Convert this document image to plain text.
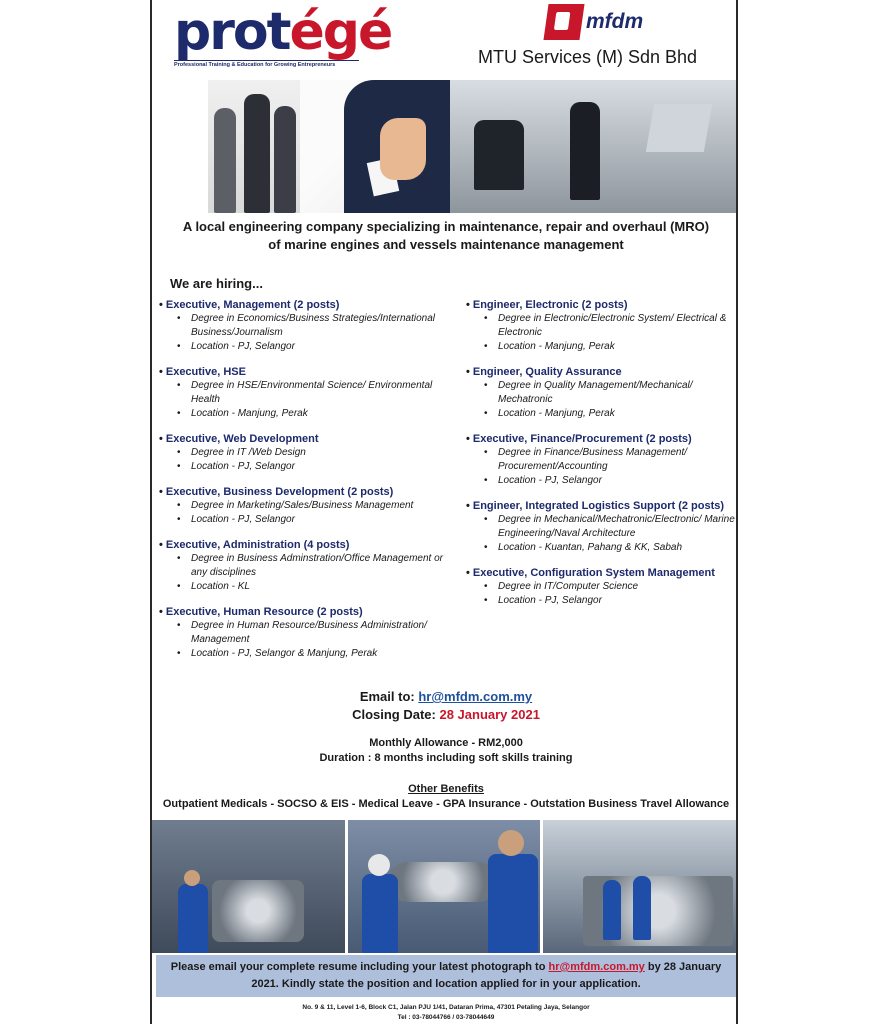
protégé
Professional Training & Education for Growing Entrepreneurs
mfdm
MTU Services (M) Sdn Bhd
A local engineering company specializing in maintenance, repair and overhaul (MRO)
of marine engines and vessels maintenance management
We are hiring...
• Executive, Management (2 posts)
• Degree in Economics/Business Strategies/International Business/Journalism
• Location - PJ, Selangor
• Executive, HSE
• Degree in HSE/Environmental Science/ Environmental Health
• Location - Manjung, Perak
• Executive, Web Development
• Degree in IT /Web Design
• Location - PJ, Selangor
• Executive, Business Development (2 posts)
• Degree in Marketing/Sales/Business Management
• Location - PJ, Selangor
• Executive, Administration (4 posts)
• Degree in Business Adminstration/Office Management or any disciplines
• Location - KL
• Executive, Human Resource (2 posts)
• Degree in Human Resource/Business Administration/ Management
• Location - PJ, Selangor & Manjung, Perak
• Engineer, Electronic (2 posts)
• Degree in Electronic/Electronic System/ Electrical & Electronic
• Location - Manjung, Perak
• Engineer, Quality Assurance
• Degree in Quality Management/Mechanical/ Mechatronic
• Location - Manjung, Perak
• Executive, Finance/Procurement (2 posts)
• Degree in Finance/Business Management/ Procurement/Accounting
• Location - PJ, Selangor
• Engineer, Integrated Logistics Support (2 posts)
• Degree in Mechanical/Mechatronic/Electronic/ Marine Engineering/Naval Architecture
• Location - Kuantan, Pahang & KK, Sabah
• Executive, Configuration System Management
• Degree in IT/Computer Science
• Location - PJ, Selangor
Email to: hr@mfdm.com.my
Closing Date: 28 January 2021
Monthly Allowance - RM2,000
Duration : 8 months including soft skills training
Other Benefits
Outpatient Medicals - SOCSO & EIS - Medical Leave - GPA Insurance - Outstation Business Travel Allowance
Please email your complete resume including your latest photograph to hr@mfdm.com.my by 28 January
2021. Kindly state the position and location applied for in your application.
No. 9 & 11, Level 1-6, Block C1, Jalan PJU 1/41, Dataran Prima, 47301 Petaling Jaya, Selangor
Tel : 03-78044766 / 03-78044649
